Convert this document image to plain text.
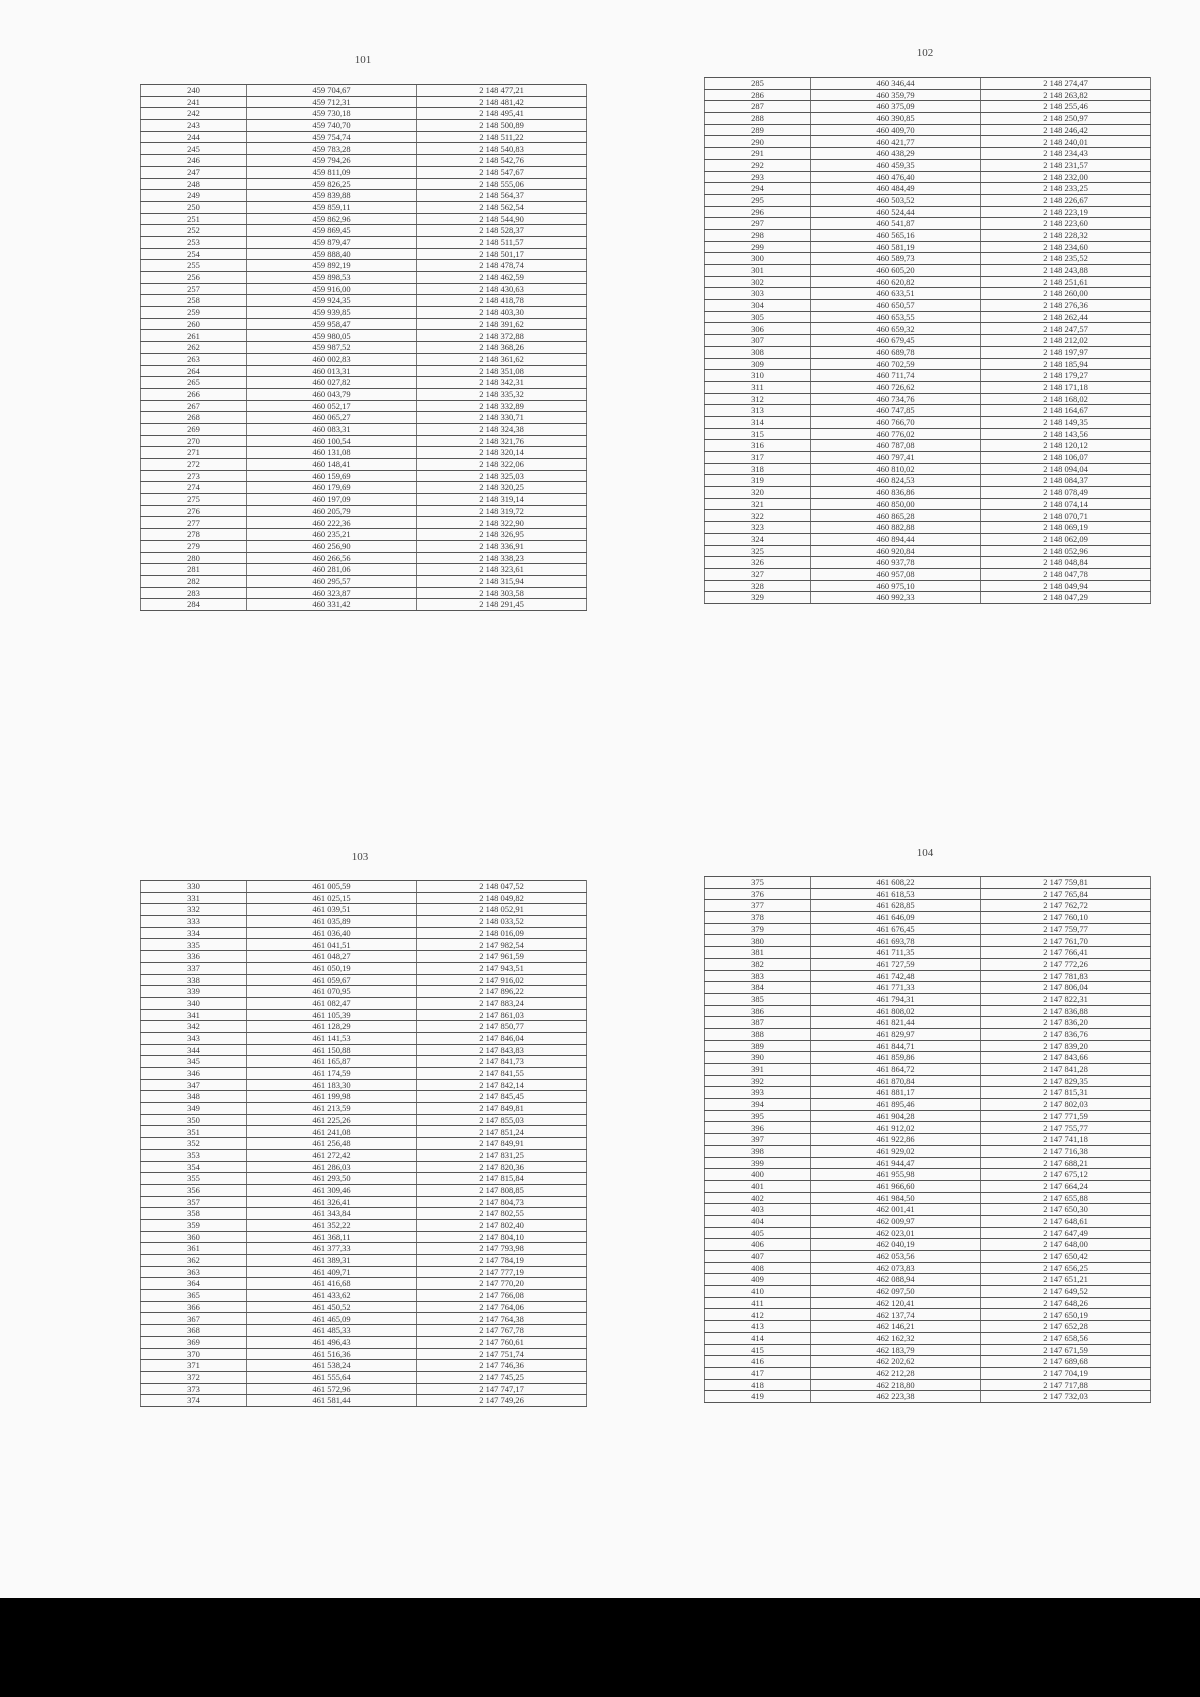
101
240	459 704,67	2 148 477,21
241	459 712,31	2 148 481,42
242	459 730,18	2 148 495,41
243	459 740,70	2 148 500,89
244	459 754,74	2 148 511,22
245	459 783,28	2 148 540,83
246	459 794,26	2 148 542,76
247	459 811,09	2 148 547,67
248	459 826,25	2 148 555,06
249	459 839,88	2 148 564,37
250	459 859,11	2 148 562,54
251	459 862,96	2 148 544,90
252	459 869,45	2 148 528,37
253	459 879,47	2 148 511,57
254	459 888,40	2 148 501,17
255	459 892,19	2 148 478,74
256	459 898,53	2 148 462,59
257	459 916,00	2 148 430,63
258	459 924,35	2 148 418,78
259	459 939,85	2 148 403,30
260	459 958,47	2 148 391,62
261	459 980,05	2 148 372,88
262	459 987,52	2 148 368,26
263	460 002,83	2 148 361,62
264	460 013,31	2 148 351,08
265	460 027,82	2 148 342,31
266	460 043,79	2 148 335,32
267	460 052,17	2 148 332,89
268	460 065,27	2 148 330,71
269	460 083,31	2 148 324,38
270	460 100,54	2 148 321,76
271	460 131,08	2 148 320,14
272	460 148,41	2 148 322,06
273	460 159,69	2 148 325,03
274	460 179,69	2 148 320,25
275	460 197,09	2 148 319,14
276	460 205,79	2 148 319,72
277	460 222,36	2 148 322,90
278	460 235,21	2 148 326,95
279	460 256,90	2 148 336,91
280	460 266,56	2 148 338,23
281	460 281,06	2 148 323,61
282	460 295,57	2 148 315,94
283	460 323,87	2 148 303,58
284	460 331,42	2 148 291,45
102
285	460 346,44	2 148 274,47
286	460 359,79	2 148 263,82
287	460 375,09	2 148 255,46
288	460 390,85	2 148 250,97
289	460 409,70	2 148 246,42
290	460 421,77	2 148 240,01
291	460 438,29	2 148 234,43
292	460 459,35	2 148 231,57
293	460 476,40	2 148 232,00
294	460 484,49	2 148 233,25
295	460 503,52	2 148 226,67
296	460 524,44	2 148 223,19
297	460 541,87	2 148 223,60
298	460 565,16	2 148 228,32
299	460 581,19	2 148 234,60
300	460 589,73	2 148 235,52
301	460 605,20	2 148 243,88
302	460 620,82	2 148 251,61
303	460 633,51	2 148 260,00
304	460 650,57	2 148 276,36
305	460 653,55	2 148 262,44
306	460 659,32	2 148 247,57
307	460 679,45	2 148 212,02
308	460 689,78	2 148 197,97
309	460 702,59	2 148 185,94
310	460 711,74	2 148 179,27
311	460 726,62	2 148 171,18
312	460 734,76	2 148 168,02
313	460 747,85	2 148 164,67
314	460 766,70	2 148 149,35
315	460 776,02	2 148 143,56
316	460 787,08	2 148 120,12
317	460 797,41	2 148 106,07
318	460 810,02	2 148 094,04
319	460 824,53	2 148 084,37
320	460 836,86	2 148 078,49
321	460 850,00	2 148 074,14
322	460 865,28	2 148 070,71
323	460 882,88	2 148 069,19
324	460 894,44	2 148 062,09
325	460 920,84	2 148 052,96
326	460 937,78	2 148 048,84
327	460 957,08	2 148 047,78
328	460 975,10	2 148 049,94
329	460 992,33	2 148 047,29
103
330	461 005,59	2 148 047,52
331	461 025,15	2 148 049,82
332	461 039,51	2 148 052,91
333	461 035,89	2 148 033,52
334	461 036,40	2 148 016,09
335	461 041,51	2 147 982,54
336	461 048,27	2 147 961,59
337	461 050,19	2 147 943,51
338	461 059,67	2 147 916,02
339	461 070,95	2 147 896,22
340	461 082,47	2 147 883,24
341	461 105,39	2 147 861,03
342	461 128,29	2 147 850,77
343	461 141,53	2 147 846,04
344	461 150,88	2 147 843,83
345	461 165,87	2 147 841,73
346	461 174,59	2 147 841,55
347	461 183,30	2 147 842,14
348	461 199,98	2 147 845,45
349	461 213,59	2 147 849,81
350	461 225,26	2 147 855,03
351	461 241,08	2 147 851,24
352	461 256,48	2 147 849,91
353	461 272,42	2 147 831,25
354	461 286,03	2 147 820,36
355	461 293,50	2 147 815,84
356	461 309,46	2 147 808,85
357	461 326,41	2 147 804,73
358	461 343,84	2 147 802,55
359	461 352,22	2 147 802,40
360	461 368,11	2 147 804,10
361	461 377,33	2 147 793,98
362	461 389,31	2 147 784,19
363	461 409,71	2 147 777,19
364	461 416,68	2 147 770,20
365	461 433,62	2 147 766,08
366	461 450,52	2 147 764,06
367	461 465,09	2 147 764,38
368	461 485,33	2 147 767,78
369	461 496,43	2 147 760,61
370	461 516,36	2 147 751,74
371	461 538,24	2 147 746,36
372	461 555,64	2 147 745,25
373	461 572,96	2 147 747,17
374	461 581,44	2 147 749,26
104
375	461 608,22	2 147 759,81
376	461 618,53	2 147 765,84
377	461 628,85	2 147 762,72
378	461 646,09	2 147 760,10
379	461 676,45	2 147 759,77
380	461 693,78	2 147 761,70
381	461 711,35	2 147 766,41
382	461 727,59	2 147 772,26
383	461 742,48	2 147 781,83
384	461 771,33	2 147 806,04
385	461 794,31	2 147 822,31
386	461 808,02	2 147 836,88
387	461 821,44	2 147 836,20
388	461 829,97	2 147 836,76
389	461 844,71	2 147 839,20
390	461 859,86	2 147 843,66
391	461 864,72	2 147 841,28
392	461 870,84	2 147 829,35
393	461 881,17	2 147 815,31
394	461 895,46	2 147 802,03
395	461 904,28	2 147 771,59
396	461 912,02	2 147 755,77
397	461 922,86	2 147 741,18
398	461 929,02	2 147 716,38
399	461 944,47	2 147 688,21
400	461 955,98	2 147 675,12
401	461 966,60	2 147 664,24
402	461 984,50	2 147 655,88
403	462 001,41	2 147 650,30
404	462 009,97	2 147 648,61
405	462 023,01	2 147 647,49
406	462 040,19	2 147 648,00
407	462 053,56	2 147 650,42
408	462 073,83	2 147 656,25
409	462 088,94	2 147 651,21
410	462 097,50	2 147 649,52
411	462 120,41	2 147 648,26
412	462 137,74	2 147 650,19
413	462 146,21	2 147 652,28
414	462 162,32	2 147 658,56
415	462 183,79	2 147 671,59
416	462 202,62	2 147 689,68
417	462 212,28	2 147 704,19
418	462 218,80	2 147 717,88
419	462 223,38	2 147 732,03
